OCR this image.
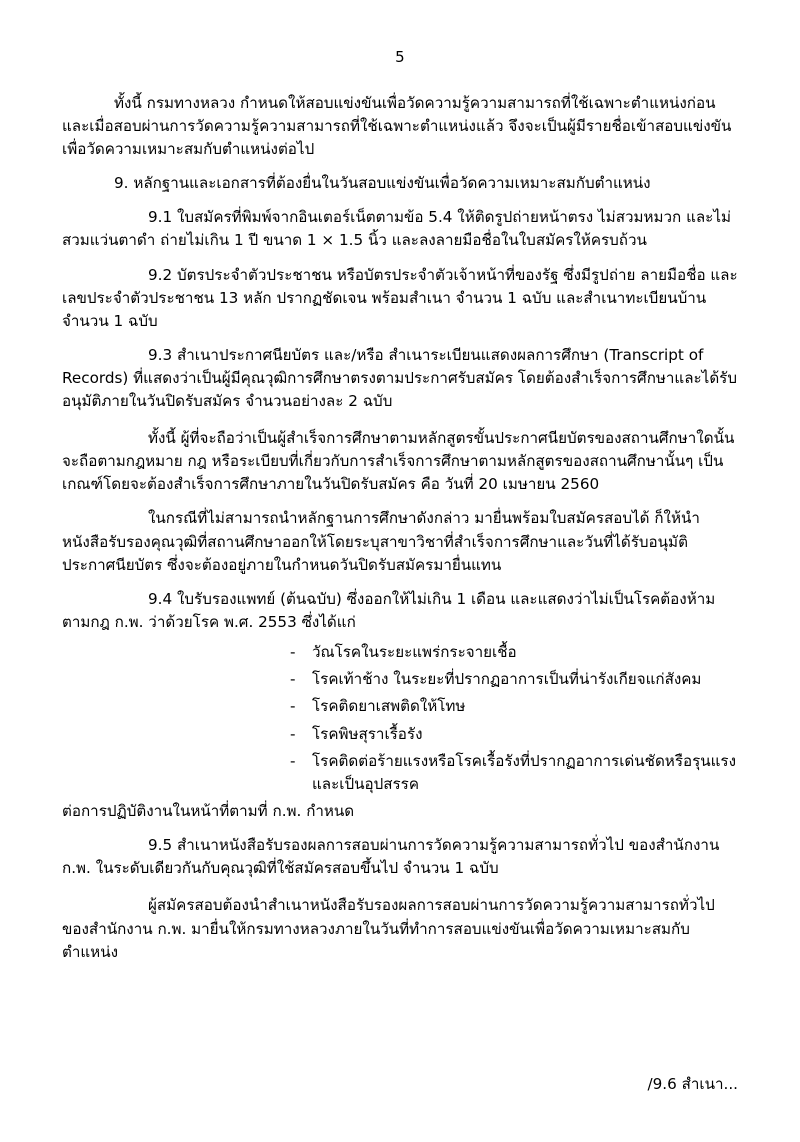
5

ทั้งนี้ กรมทางหลวง กำหนดให้สอบแข่งขันเพื่อวัดความรู้ความสามารถที่ใช้เฉพาะตำแหน่งก่อน และเมื่อสอบผ่านการวัดความรู้ความสามารถที่ใช้เฉพาะตำแหน่งแล้ว จึงจะเป็นผู้มีรายชื่อเข้าสอบแข่งขันเพื่อวัดความเหมาะสมกับตำแหน่งต่อไป

9. หลักฐานและเอกสารที่ต้องยื่นในวันสอบแข่งขันเพื่อวัดความเหมาะสมกับตำแหน่ง

9.1 ใบสมัครที่พิมพ์จากอินเตอร์เน็ตตามข้อ 5.4 ให้ติดรูปถ่ายหน้าตรง ไม่สวมหมวก และไม่สวมแว่นตาดำ ถ่ายไม่เกิน 1 ปี ขนาด 1 × 1.5 นิ้ว และลงลายมือชื่อในใบสมัครให้ครบถ้วน

9.2 บัตรประจำตัวประชาชน หรือบัตรประจำตัวเจ้าหน้าที่ของรัฐ ซึ่งมีรูปถ่าย ลายมือชื่อ และเลขประจำตัวประชาชน 13 หลัก ปรากฏชัดเจน พร้อมสำเนา จำนวน 1 ฉบับ และสำเนาทะเบียนบ้าน จำนวน 1 ฉบับ

9.3 สำเนาประกาศนียบัตร และ/หรือ สำเนาระเบียนแสดงผลการศึกษา (Transcript of Records) ที่แสดงว่าเป็นผู้มีคุณวุฒิการศึกษาตรงตามประกาศรับสมัคร โดยต้องสำเร็จการศึกษาและได้รับอนุมัติภายในวันปิดรับสมัคร จำนวนอย่างละ 2 ฉบับ

ทั้งนี้ ผู้ที่จะถือว่าเป็นผู้สำเร็จการศึกษาตามหลักสูตรขั้นประกาศนียบัตรของสถานศึกษาใดนั้นจะถือตามกฎหมาย กฎ หรือระเบียบที่เกี่ยวกับการสำเร็จการศึกษาตามหลักสูตรของสถานศึกษานั้นๆ เป็นเกณฑ์โดยจะต้องสำเร็จการศึกษาภายในวันปิดรับสมัคร คือ วันที่ 20 เมษายน 2560

ในกรณีที่ไม่สามารถนำหลักฐานการศึกษาดังกล่าว มายื่นพร้อมใบสมัครสอบได้ ก็ให้นำหนังสือรับรองคุณวุฒิที่สถานศึกษาออกให้โดยระบุสาขาวิชาที่สำเร็จการศึกษาและวันที่ได้รับอนุมัติประกาศนียบัตร ซึ่งจะต้องอยู่ภายในกำหนดวันปิดรับสมัครมายื่นแทน

9.4 ใบรับรองแพทย์ (ต้นฉบับ) ซึ่งออกให้ไม่เกิน 1 เดือน และแสดงว่าไม่เป็นโรคต้องห้ามตามกฎ ก.พ. ว่าด้วยโรค พ.ศ. 2553 ซึ่งได้แก่

- วัณโรคในระยะแพร่กระจายเชื้อ
- โรคเท้าช้าง ในระยะที่ปรากฏอาการเป็นที่น่ารังเกียจแก่สังคม
- โรคติดยาเสพติดให้โทษ
- โรคพิษสุราเรื้อรัง
- โรคติดต่อร้ายแรงหรือโรคเรื้อรังที่ปรากฏอาการเด่นชัดหรือรุนแรงและเป็นอุปสรรค

ต่อการปฏิบัติงานในหน้าที่ตามที่ ก.พ. กำหนด

9.5 สำเนาหนังสือรับรองผลการสอบผ่านการวัดความรู้ความสามารถทั่วไป ของสำนักงาน ก.พ. ในระดับเดียวกันกับคุณวุฒิที่ใช้สมัครสอบขึ้นไป จำนวน 1 ฉบับ

ผู้สมัครสอบต้องนำสำเนาหนังสือรับรองผลการสอบผ่านการวัดความรู้ความสามารถทั่วไปของสำนักงาน ก.พ. มายื่นให้กรมทางหลวงภายในวันที่ทำการสอบแข่งขันเพื่อวัดความเหมาะสมกับตำแหน่ง

/9.6 สำเนา...
